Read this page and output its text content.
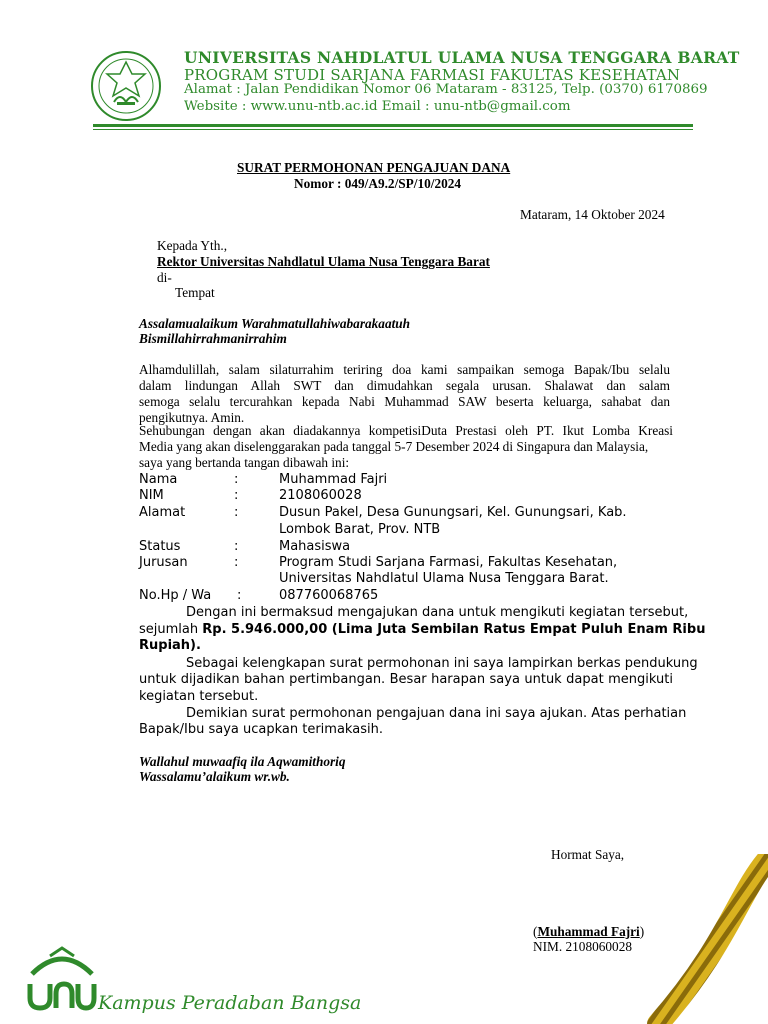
UNIVERSITAS NAHDLATUL ULAMA NUSA TENGGARA BARAT
PROGRAM STUDI SARJANA FARMASI FAKULTAS KESEHATAN
Alamat : Jalan Pendidikan Nomor 06 Mataram - 83125, Telp. (0370) 6170869
Website : www.unu-ntb.ac.id Email : unu-ntb@gmail.com
SURAT PERMOHONAN PENGAJUAN DANA
Nomor : 049/A9.2/SP/10/2024
Mataram, 14 Oktober 2024
Kepada Yth.,
Rektor Universitas Nahdlatul Ulama Nusa Tenggara Barat
di-
Tempat
Assalamualaikum Warahmatullahiwabarakaatuh
Bismillahirrahmanirrahim
Alhamdulillah, salam silaturrahim teriring doa kami sampaikan semoga Bapak/Ibu selalu
dalam lindungan Allah SWT dan dimudahkan segala urusan. Shalawat dan salam
semoga selalu tercurahkan kepada Nabi Muhammad SAW beserta keluarga, sahabat dan
pengikutnya. Amin.
Sehubungan dengan akan diadakannya kompetisiDuta Prestasi oleh PT. Ikut Lomba Kreasi
Media yang akan diselenggarakan pada tanggal 5-7 Desember 2024 di Singapura dan Malaysia,
saya yang bertanda tangan dibawah ini:
Nama	:	Muhammad Fajri
NIM	:	2108060028
Alamat	:	Dusun Pakel, Desa Gunungsari, Kel. Gunungsari, Kab.
Lombok Barat, Prov. NTB
Status	:	Mahasiswa
Jurusan	:	Program Studi Sarjana Farmasi, Fakultas Kesehatan,
Universitas Nahdlatul Ulama Nusa Tenggara Barat.
No.Hp / Wa :	087760068765
Dengan ini bermaksud mengajukan dana untuk mengikuti kegiatan tersebut,
sejumlah Rp. 5.946.000,00 (Lima Juta Sembilan Ratus Empat Puluh Enam Ribu
Rupiah).
Sebagai kelengkapan surat permohonan ini saya lampirkan berkas pendukung
untuk dijadikan bahan pertimbangan. Besar harapan saya untuk dapat mengikuti
kegiatan tersebut.
Demikian surat permohonan pengajuan dana ini saya ajukan. Atas perhatian
Bapak/Ibu saya ucapkan terimakasih.
Wallahul muwaafiq ila Aqwamithoriq
Wassalamu’alaikum wr.wb.
Hormat Saya,
(Muhammad Fajri)
NIM. 2108060028
Kampus Peradaban Bangsa
